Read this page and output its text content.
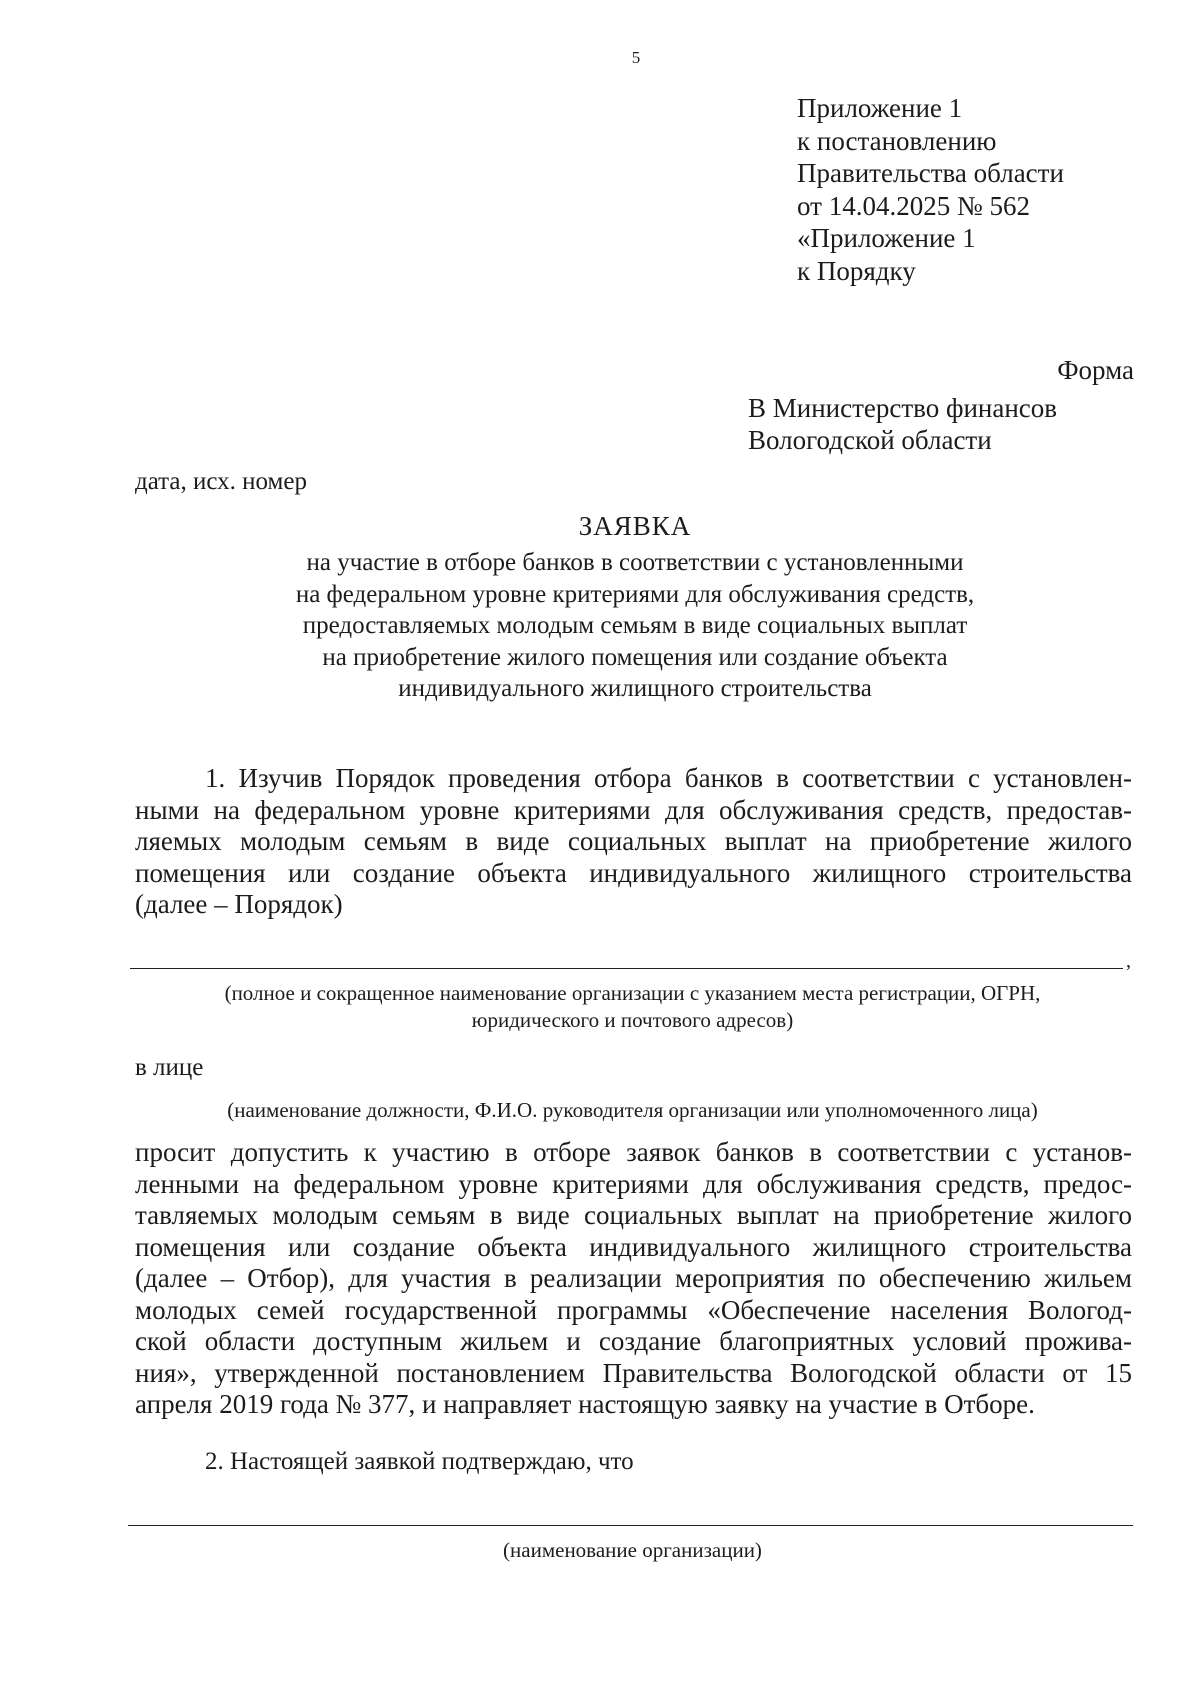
5
Приложение 1
к постановлению
Правительства области
от 14.04.2025 № 562
«Приложение 1
к Порядку
Форма
В Министерство финансов
Вологодской области
дата, исх. номер
ЗАЯВКА
на участие в отборе банков в соответствии с установленными
на федеральном уровне критериями для обслуживания средств,
предоставляемых молодым семьям в виде социальных выплат
на приобретение жилого помещения или создание объекта
индивидуального жилищного строительства
1. Изучив Порядок проведения отбора банков в соответствии с установлен-
ными на федеральном уровне критериями для обслуживания средств, предостав-
ляемых молодым семьям в виде социальных выплат на приобретение жилого
помещения или создание объекта индивидуального жилищного строительства
(далее – Порядок)
,
(полное и сокращенное наименование организации с указанием места регистрации, ОГРН,
юридического и почтового адресов)
в лице
(наименование должности, Ф.И.О. руководителя организации или уполномоченного лица)
просит допустить к участию в отборе заявок банков в соответствии с установ-
ленными на федеральном уровне критериями для обслуживания средств, предос-
тавляемых молодым семьям в виде социальных выплат на приобретение жилого
помещения или создание объекта индивидуального жилищного строительства
(далее – Отбор), для участия в реализации мероприятия по обеспечению жильем
молодых семей государственной программы «Обеспечение населения Вологод-
ской области доступным жильем и создание благоприятных условий прожива-
ния», утвержденной постановлением Правительства Вологодской области от 15
апреля 2019 года № 377, и направляет настоящую заявку на участие в Отборе.
2. Настоящей заявкой подтверждаю, что
(наименование организации)
